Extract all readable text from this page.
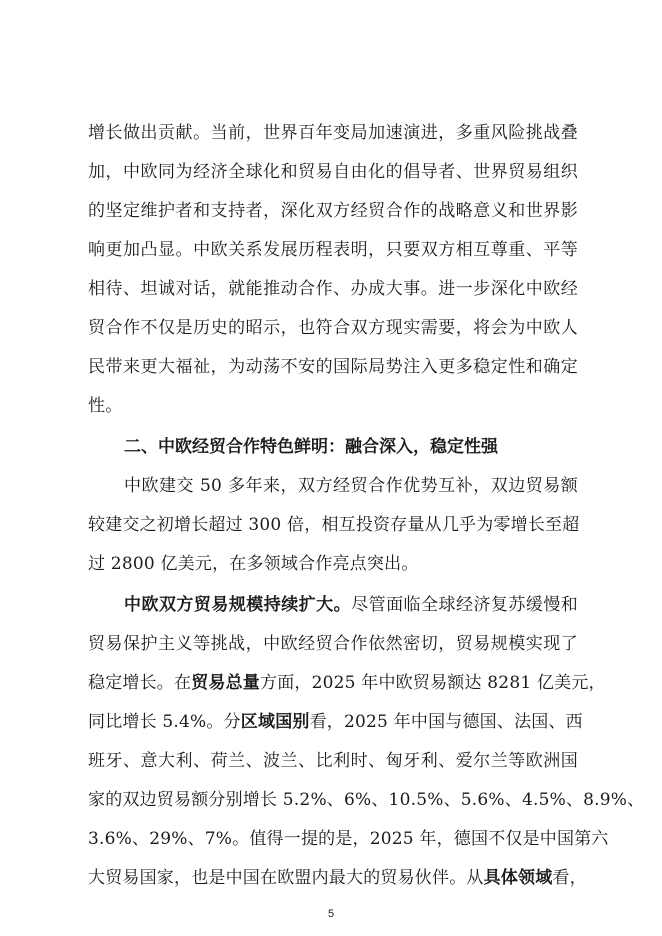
增长做出贡献。当前，世界百年变局加速演进，多重风险挑战叠
加，中欧同为经济全球化和贸易自由化的倡导者、世界贸易组织
的坚定维护者和支持者，深化双方经贸合作的战略意义和世界影
响更加凸显。中欧关系发展历程表明，只要双方相互尊重、平等
相待、坦诚对话，就能推动合作、办成大事。进一步深化中欧经
贸合作不仅是历史的昭示，也符合双方现实需要，将会为中欧人
民带来更大福祉，为动荡不安的国际局势注入更多稳定性和确定
性。
二、中欧经贸合作特色鲜明：融合深入，稳定性强
中欧建交 50 多年来，双方经贸合作优势互补，双边贸易额
较建交之初增长超过 300 倍，相互投资存量从几乎为零增长至超
过 2800 亿美元，在多领域合作亮点突出。
中欧双方贸易规模持续扩大。尽管面临全球经济复苏缓慢和
贸易保护主义等挑战，中欧经贸合作依然密切，贸易规模实现了
稳定增长。在贸易总量方面，2025 年中欧贸易额达 8281 亿美元，
同比增长 5.4%。分区域国别看，2025 年中国与德国、法国、西
班牙、意大利、荷兰、波兰、比利时、匈牙利、爱尔兰等欧洲国
家的双边贸易额分别增长 5.2%、6%、10.5%、5.6%、4.5%、8.9%、
3.6%、29%、7%。值得一提的是，2025 年，德国不仅是中国第六
大贸易国家，也是中国在欧盟内最大的贸易伙伴。从具体领域看，
5
